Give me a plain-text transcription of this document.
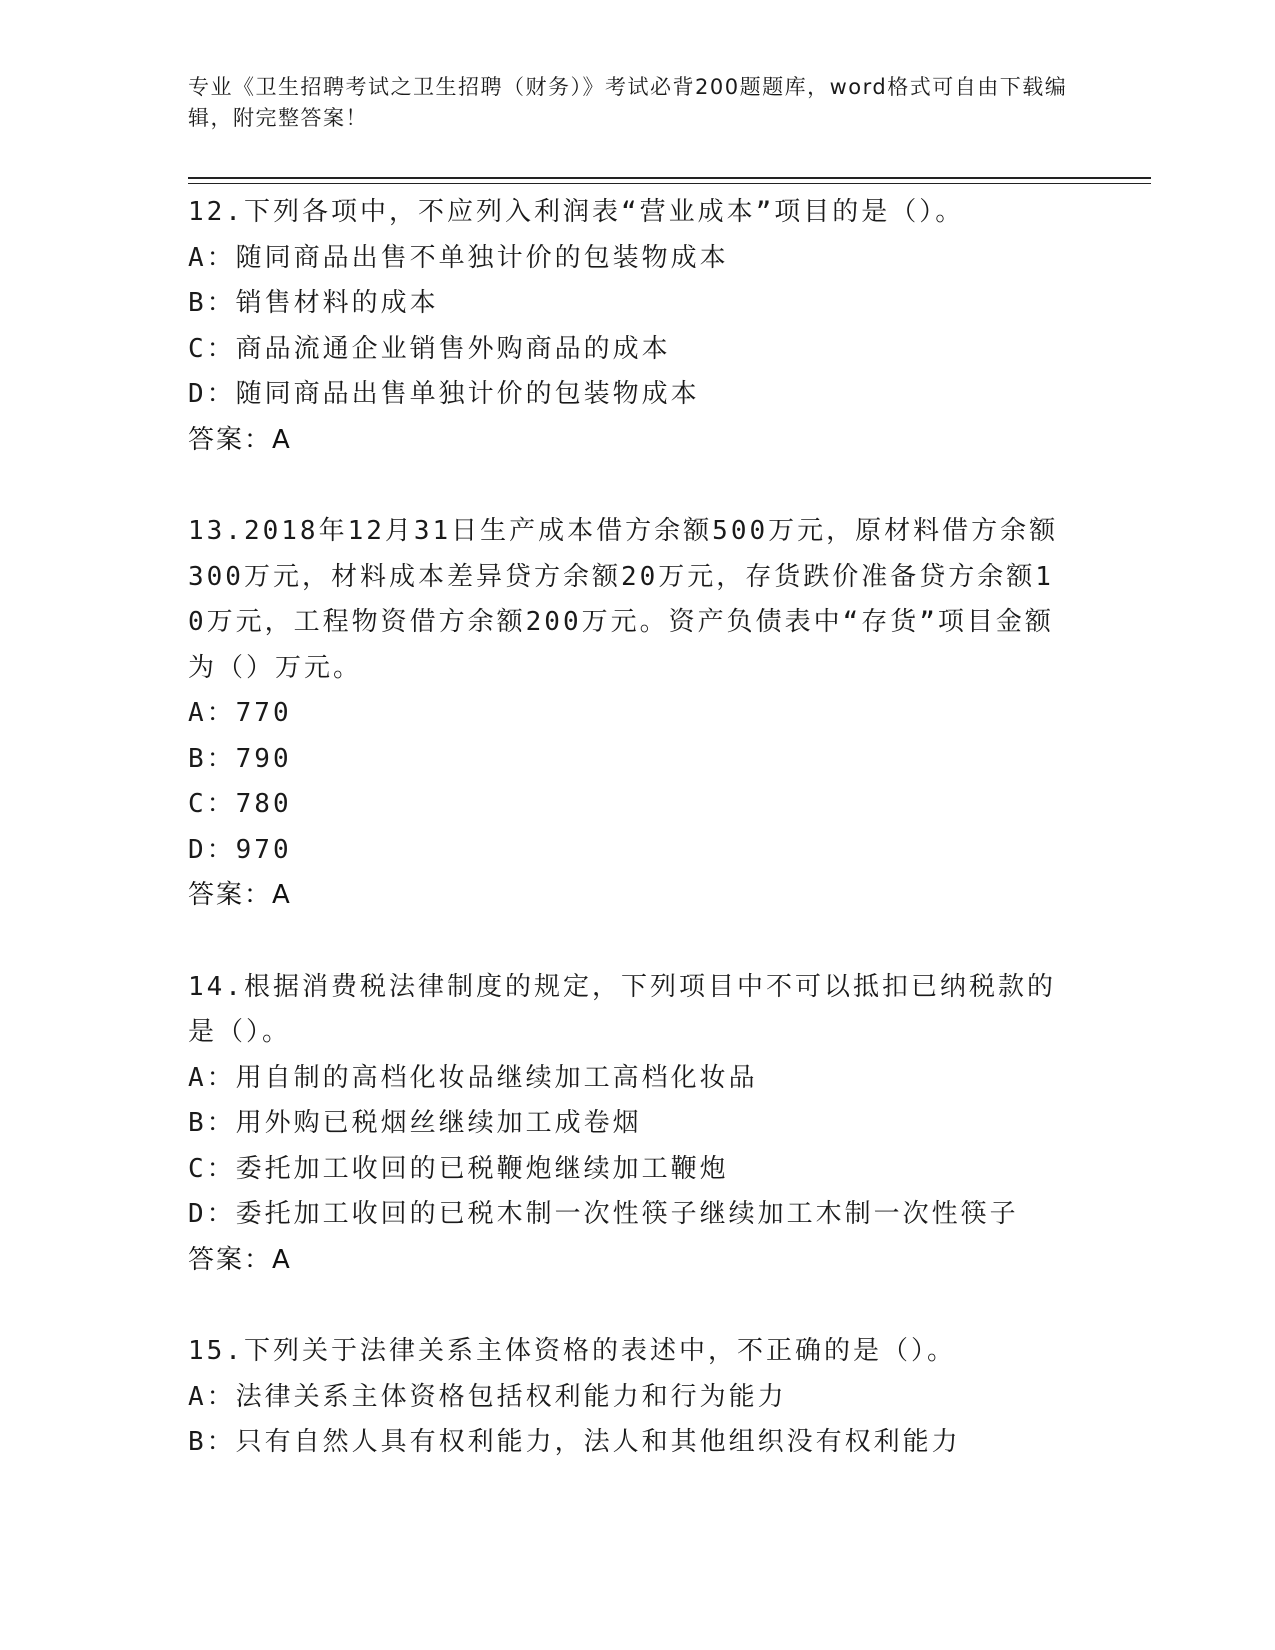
专业《卫生招聘考试之卫生招聘（财务）》考试必背200题题库，word格式可自由下载编辑，附完整答案！
12.下列各项中，不应列入利润表“营业成本”项目的是（）。
A：随同商品出售不单独计价的包装物成本
B：销售材料的成本
C：商品流通企业销售外购商品的成本
D：随同商品出售单独计价的包装物成本
答案：A
13.2018年12月31日生产成本借方余额500万元，原材料借方余额300万元，材料成本差异贷方余额20万元，存货跌价准备贷方余额10万元，工程物资借方余额200万元。资产负债表中“存货”项目金额为（）万元。
A：770
B：790
C：780
D：970
答案：A
14.根据消费税法律制度的规定，下列项目中不可以抵扣已纳税款的是（）。
A：用自制的高档化妆品继续加工高档化妆品
B：用外购已税烟丝继续加工成卷烟
C：委托加工收回的已税鞭炮继续加工鞭炮
D：委托加工收回的已税木制一次性筷子继续加工木制一次性筷子
答案：A
15.下列关于法律关系主体资格的表述中，不正确的是（）。
A：法律关系主体资格包括权利能力和行为能力
B：只有自然人具有权利能力，法人和其他组织没有权利能力
